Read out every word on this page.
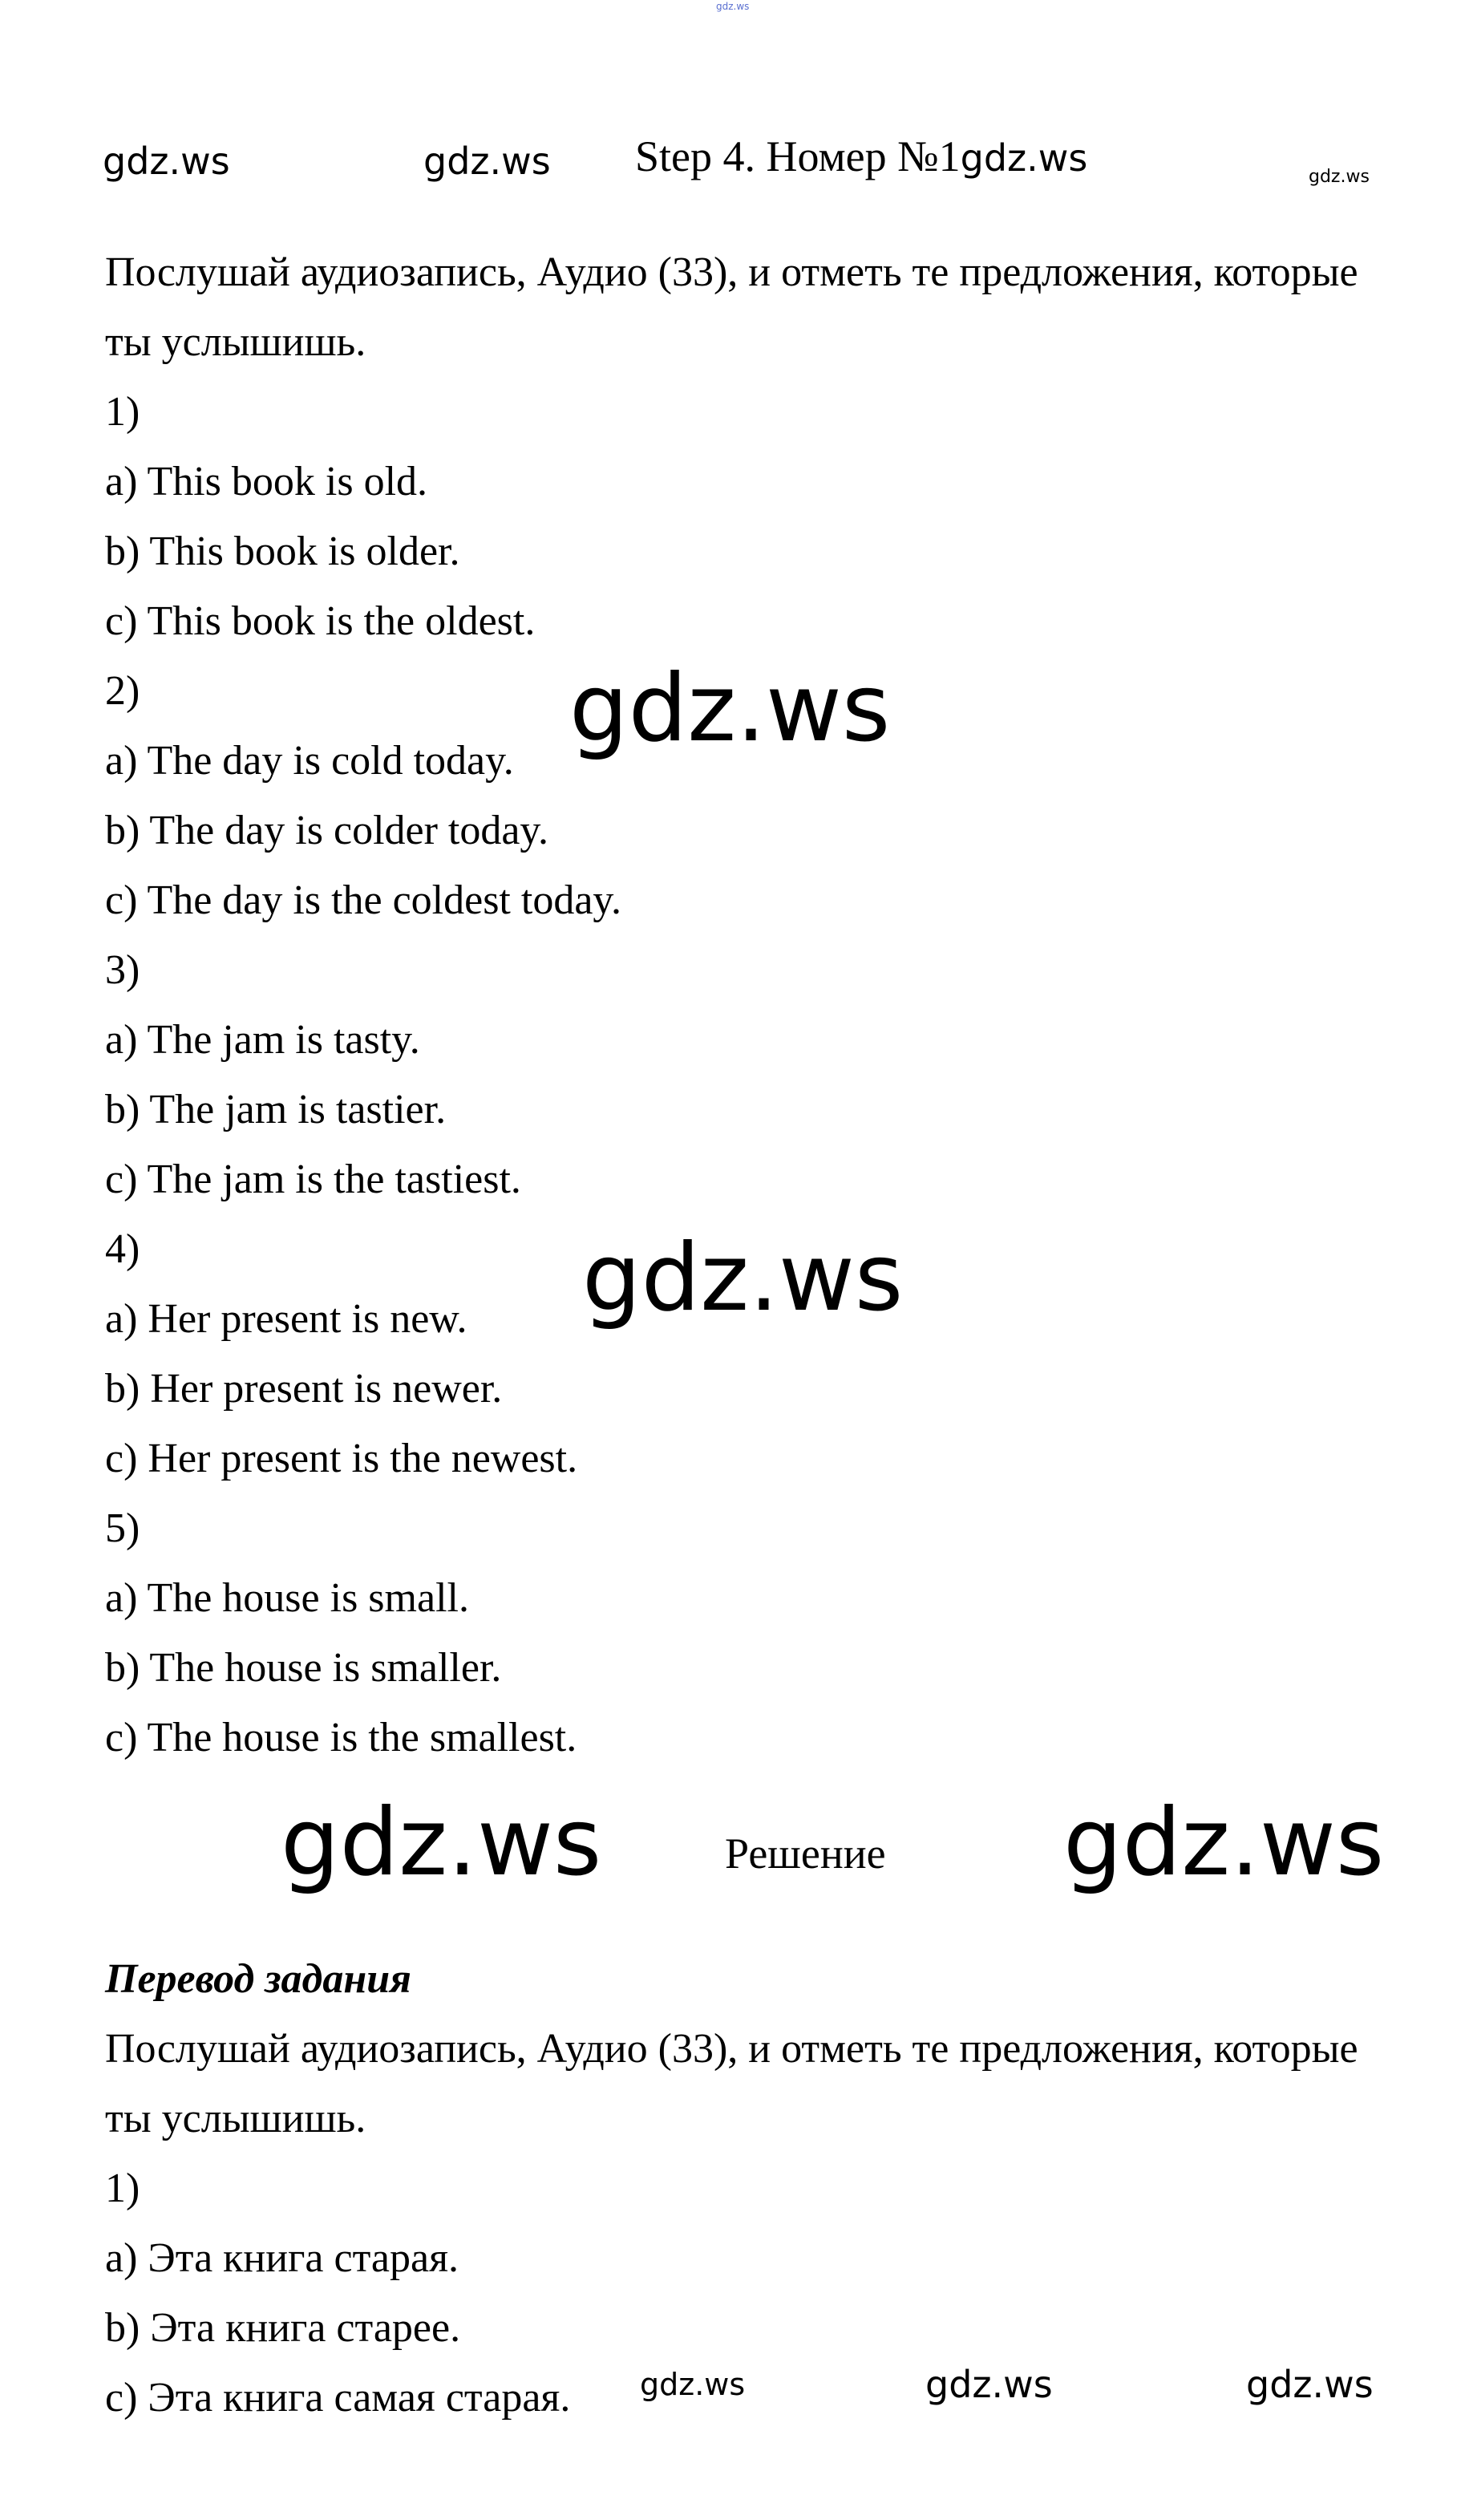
gdz.ws
gdz.ws	gdz.ws Step 4. Номер №1gdz.ws	gdz.ws
gdz.ws
gdz.ws
Послушай аудиозапись, Аудио (33), и отметь те предложения, которые ты услышишь.
1)
a) This book is old.
b) This book is older.
c) This book is the oldest.
2)
a) The day is cold today.
b) The day is colder today.
c) The day is the coldest today.
3)
a) The jam is tasty.
b) The jam is tastier.
c) The jam is the tastiest.
4)
a) Her present is new.
b) Her present is newer.
c) Her present is the newest.
5)
a) The house is small.
b) The house is smaller.
c) The house is the smallest.
gdz.ws	Решение gdz.ws
Перевод задания
Послушай аудиозапись, Аудио (33), и отметь те предложения, которые ты услышишь.
1)
a) Эта книга старая.
b) Эта книга старее.
c) Эта книга самая старая.	gdz.ws	gdz.ws	gdz.ws
